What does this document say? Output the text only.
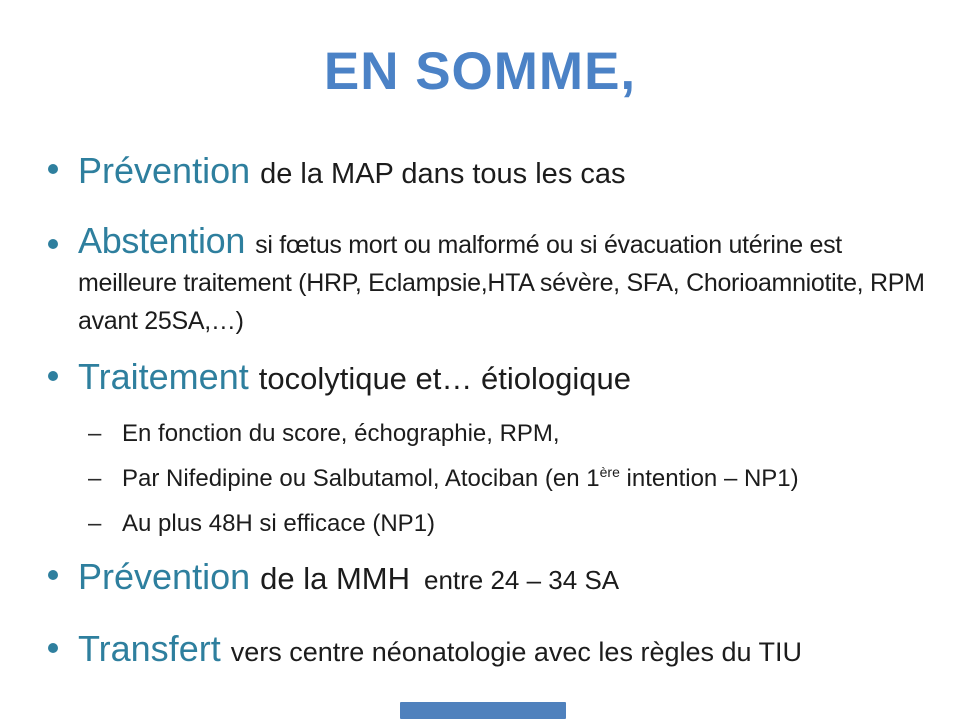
EN SOMME,

Prévention de la MAP dans tous les cas

Abstention si fœtus mort ou malformé ou si évacuation utérine est meilleure traitement (HRP, Eclampsie,HTA sévère, SFA, Chorioamniotite, RPM avant 25SA,…)

Traitement tocolytique et… étiologique

– En fonction du score, échographie, RPM,
– Par Nifedipine ou Salbutamol, Atociban (en 1ère intention – NP1)
– Au plus 48H si efficace (NP1)

Prévention de la MMH entre 24 – 34 SA

Transfert vers centre néonatologie avec les règles du TIU
